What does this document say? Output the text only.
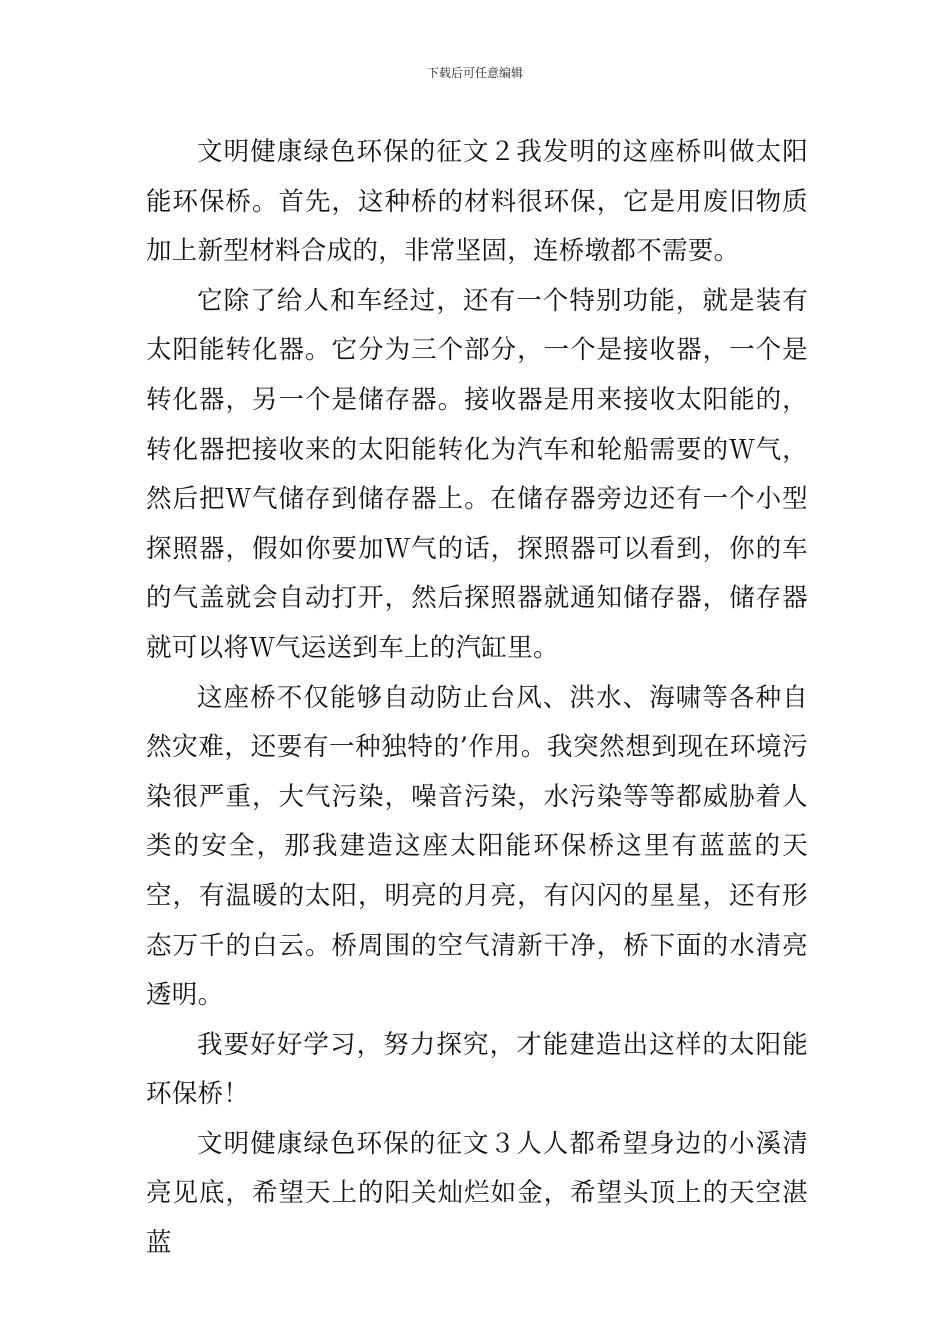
下载后可任意编辑

文明健康绿色环保的征文２我发明的这座桥叫做太阳能环保桥。首先，这种桥的材料很环保，它是用废旧物质加上新型材料合成的，非常坚固，连桥墩都不需要。

它除了给人和车经过，还有一个特别功能，就是装有太阳能转化器。它分为三个部分，一个是接收器，一个是转化器，另一个是储存器。接收器是用来接收太阳能的，转化器把接收来的太阳能转化为汽车和轮船需要的Ｗ气，然后把Ｗ气储存到储存器上。在储存器旁边还有一个小型探照器，假如你要加Ｗ气的话，探照器可以看到，你的车的气盖就会自动打开，然后探照器就通知储存器，储存器就可以将Ｗ气运送到车上的汽缸里。

这座桥不仅能够自动防止台风、洪水、海啸等各种自然灾难，还要有一种独特的’作用。我突然想到现在环境污染很严重，大气污染，噪音污染，水污染等等都威胁着人类的安全，那我建造这座太阳能环保桥这里有蓝蓝的天空，有温暖的太阳，明亮的月亮，有闪闪的星星，还有形态万千的白云。桥周围的空气清新干净，桥下面的水清亮透明。

我要好好学习，努力探究，才能建造出这样的太阳能环保桥！

文明健康绿色环保的征文３人人都希望身边的小溪清亮见底，希望天上的阳关灿烂如金，希望头顶上的天空湛蓝
